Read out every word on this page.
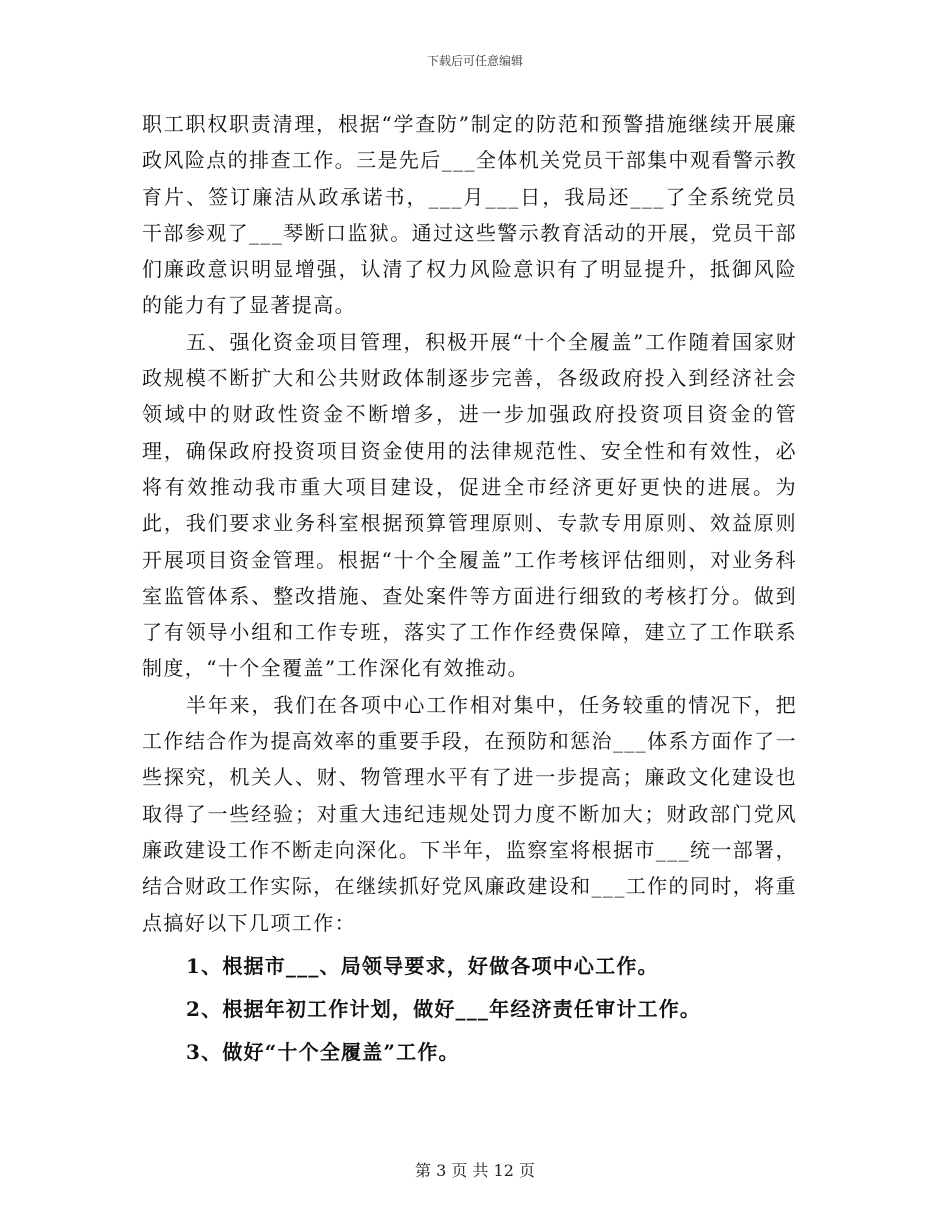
下载后可任意编辑

职工职权职责清理，根据“学查防”制定的防范和预警措施继续开展廉政风险点的排查工作。三是先后___全体机关党员干部集中观看警示教育片、签订廉洁从政承诺书，___月___日，我局还___了全系统党员干部参观了___琴断口监狱。通过这些警示教育活动的开展，党员干部们廉政意识明显增强，认清了权力风险意识有了明显提升，抵御风险的能力有了显著提高。

五、强化资金项目管理，积极开展“十个全履盖”工作随着国家财政规模不断扩大和公共财政体制逐步完善，各级政府投入到经济社会领域中的财政性资金不断增多，进一步加强政府投资项目资金的管理，确保政府投资项目资金使用的法律规范性、安全性和有效性，必将有效推动我市重大项目建设，促进全市经济更好更快的进展。为此，我们要求业务科室根据预算管理原则、专款专用原则、效益原则开展项目资金管理。根据“十个全履盖”工作考核评估细则，对业务科室监管体系、整改措施、查处案件等方面进行细致的考核打分。做到了有领导小组和工作专班，落实了工作作经费保障，建立了工作联系制度，“十个全覆盖”工作深化有效推动。

半年来，我们在各项中心工作相对集中，任务较重的情况下，把工作结合作为提高效率的重要手段，在预防和惩治___体系方面作了一些探究，机关人、财、物管理水平有了进一步提高；廉政文化建设也取得了一些经验；对重大违纪违规处罚力度不断加大；财政部门党风廉政建设工作不断走向深化。下半年，监察室将根据市___统一部署，结合财政工作实际，在继续抓好党风廉政建设和___工作的同时，将重点搞好以下几项工作：

1、根据市___、局领导要求，好做各项中心工作。

2、根据年初工作计划，做好___年经济责任审计工作。

3、做好“十个全履盖”工作。

第 3 页 共 12 页
